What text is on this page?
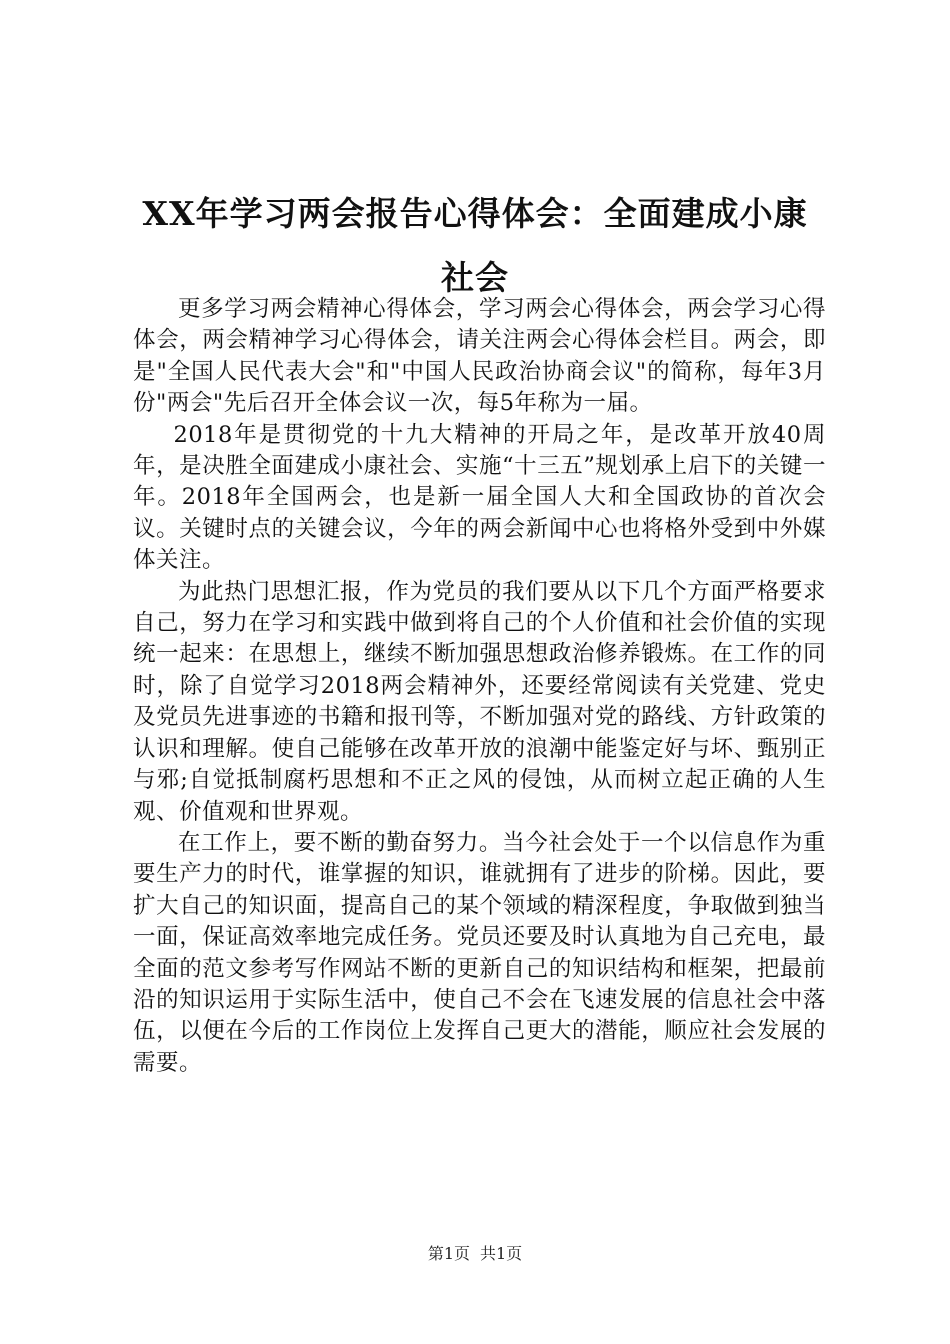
XX年学习两会报告心得体会：全面建成小康
社会

更多学习两会精神心得体会，学习两会心得体会，两会学习心得体会，两会精神学习心得体会，请关注两会心得体会栏目。两会，即是"全国人民代表大会"和"中国人民政治协商会议"的简称，每年3月份"两会"先后召开全体会议一次，每5年称为一届。

2018年是贯彻党的十九大精神的开局之年，是改革开放40周年，是决胜全面建成小康社会、实施“十三五”规划承上启下的关键一年。2018年全国两会，也是新一届全国人大和全国政协的首次会议。关键时点的关键会议，今年的两会新闻中心也将格外受到中外媒体关注。

为此热门思想汇报，作为党员的我们要从以下几个方面严格要求自己，努力在学习和实践中做到将自己的个人价值和社会价值的实现统一起来：在思想上，继续不断加强思想政治修养锻炼。在工作的同时，除了自觉学习2018两会精神外，还要经常阅读有关党建、党史及党员先进事迹的书籍和报刊等，不断加强对党的路线、方针政策的认识和理解。使自己能够在改革开放的浪潮中能鉴定好与坏、甄别正与邪;自觉抵制腐朽思想和不正之风的侵蚀，从而树立起正确的人生观、价值观和世界观。

在工作上，要不断的勤奋努力。当今社会处于一个以信息作为重要生产力的时代，谁掌握的知识，谁就拥有了进步的阶梯。因此，要扩大自己的知识面，提高自己的某个领域的精深程度，争取做到独当一面，保证高效率地完成任务。党员还要及时认真地为自己充电，最全面的范文参考写作网站不断的更新自己的知识结构和框架，把最前沿的知识运用于实际生活中，使自己不会在飞速发展的信息社会中落伍，以便在今后的工作岗位上发挥自己更大的潜能，顺应社会发展的需要。

第1页 共1页
